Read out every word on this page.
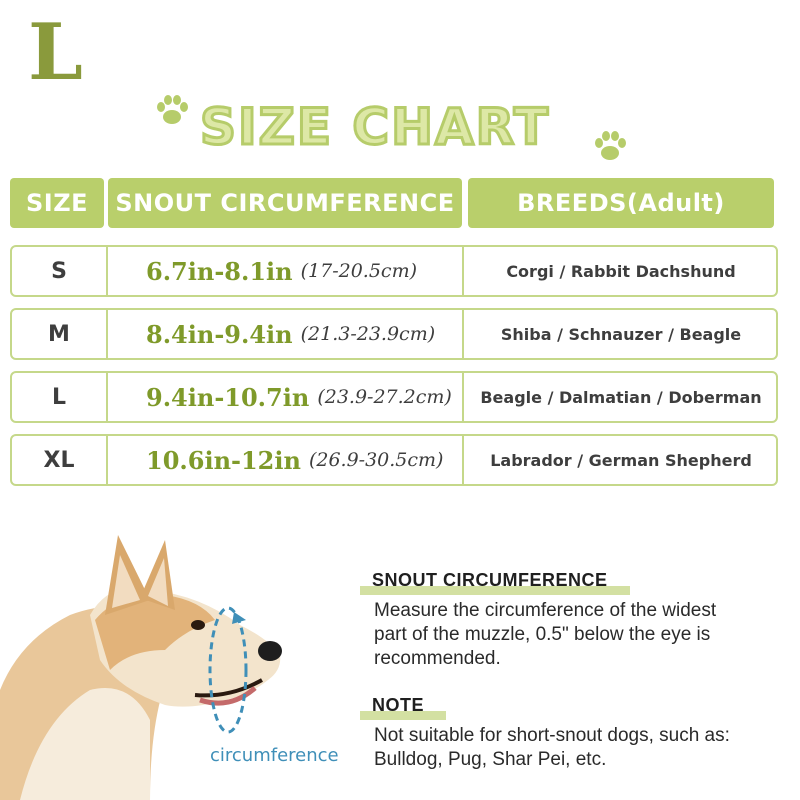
L
SIZE CHART
SIZE	SNOUT CIRCUMFERENCE	BREEDS(Adult)
S	6.7in-8.1in (17-20.5cm)	Corgi / Rabbit Dachshund
M	8.4in-9.4in (21.3-23.9cm)	Shiba / Schnauzer / Beagle
L	9.4in-10.7in (23.9-27.2cm)	Beagle / Dalmatian / Doberman
XL	10.6in-12in (26.9-30.5cm)	Labrador / German Shepherd
circumference
SNOUT CIRCUMFERENCE
Measure the circumference of the widest
part of the muzzle, 0.5" below the eye is
recommended.
NOTE
Not suitable for short-snout dogs, such as:
Bulldog, Pug, Shar Pei, etc.
